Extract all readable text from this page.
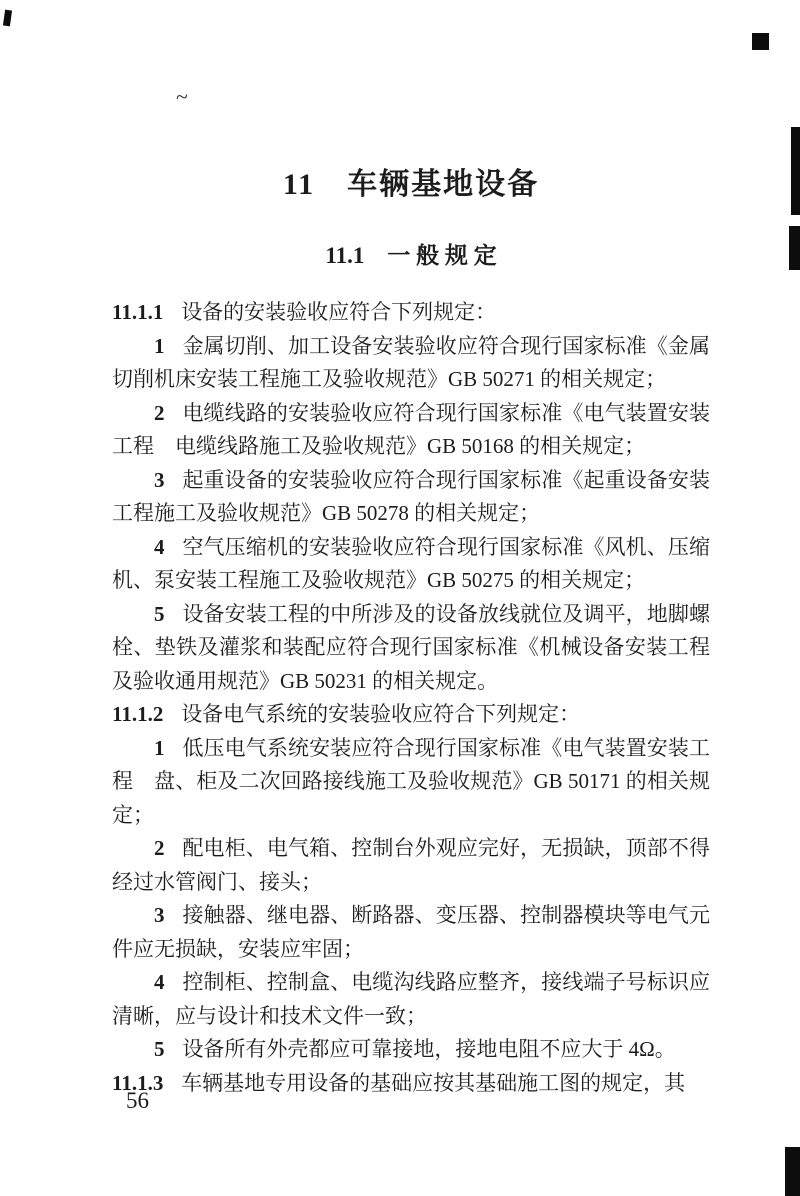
11　车辆基地设备
11.1　一 般 规 定

11.1.1 设备的安装验收应符合下列规定：

1 金属切削、加工设备安装验收应符合现行国家标准《金属切削机床安装工程施工及验收规范》GB 50271 的相关规定；

2 电缆线路的安装验收应符合现行国家标准《电气装置安装工程　电缆线路施工及验收规范》GB 50168 的相关规定；

3 起重设备的安装验收应符合现行国家标准《起重设备安装工程施工及验收规范》GB 50278 的相关规定；

4 空气压缩机的安装验收应符合现行国家标准《风机、压缩机、泵安装工程施工及验收规范》GB 50275 的相关规定；

5 设备安装工程的中所涉及的设备放线就位及调平，地脚螺栓、垫铁及灌浆和装配应符合现行国家标准《机械设备安装工程及验收通用规范》GB 50231 的相关规定。

11.1.2 设备电气系统的安装验收应符合下列规定：

1 低压电气系统安装应符合现行国家标准《电气装置安装工程　盘、柜及二次回路接线施工及验收规范》GB 50171 的相关规定；

2 配电柜、电气箱、控制台外观应完好，无损缺，顶部不得经过水管阀门、接头；

3 接触器、继电器、断路器、变压器、控制器模块等电气元件应无损缺，安装应牢固；

4 控制柜、控制盒、电缆沟线路应整齐，接线端子号标识应清晰，应与设计和技术文件一致；

5 设备所有外壳都应可靠接地，接地电阻不应大于 4Ω。

11.1.3 车辆基地专用设备的基础应按其基础施工图的规定，其

56
~
